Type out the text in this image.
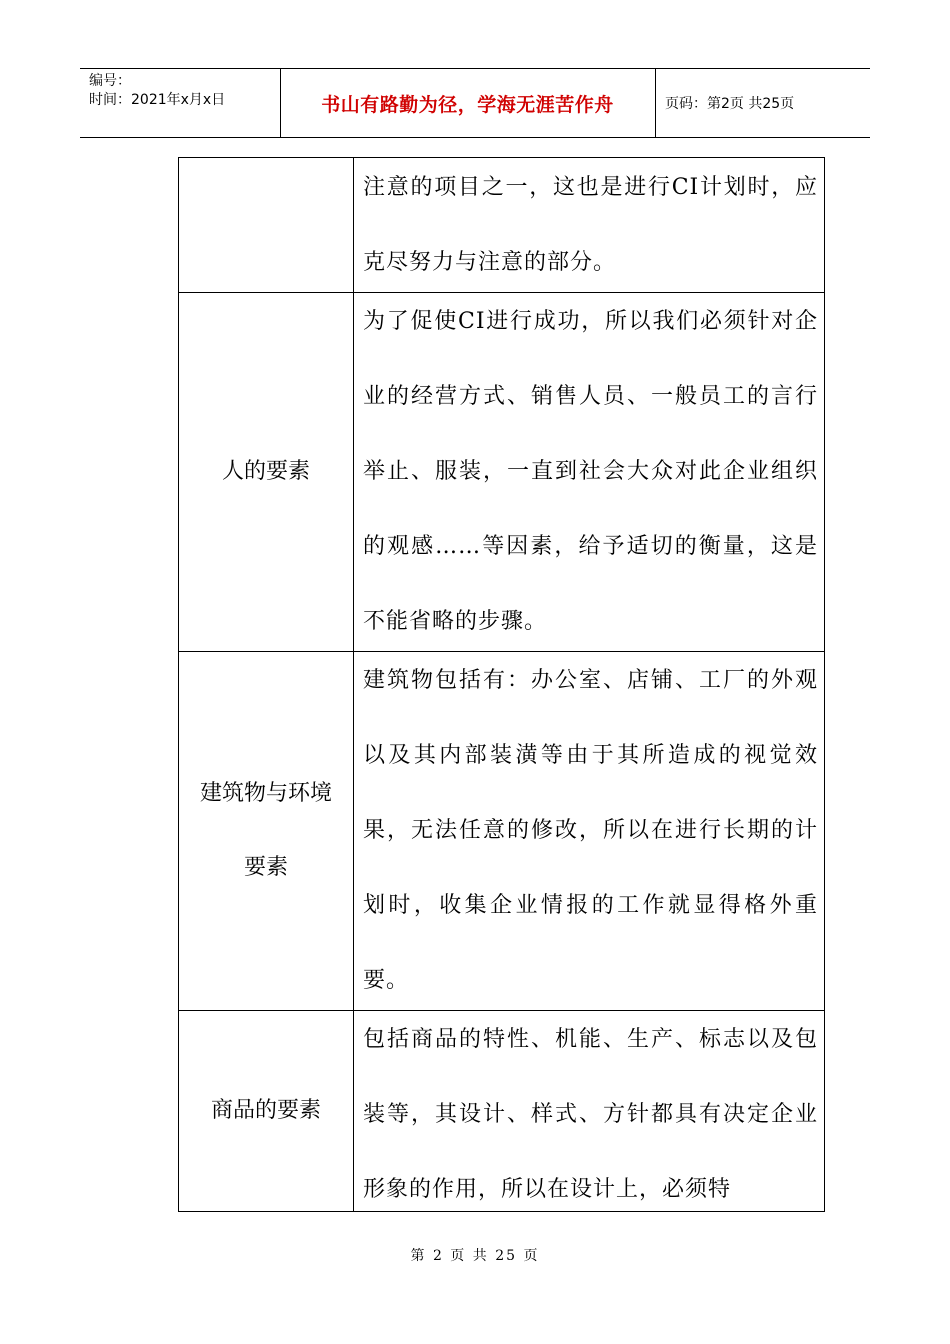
编号：
时间：2021年x月x日	书山有路勤为径，学海无涯苦作舟	页码：第2页 共25页
注意的项目之一，这也是进行CI计划时，应克尽努力与注意的部分。
人的要素
为了促使CI进行成功，所以我们必须针对企业的经营方式、销售人员、一般员工的言行举止、服装，一直到社会大众对此企业组织的观感……等因素，给予适切的衡量，这是不能省略的步骤。
建筑物与环境要素
建筑物包括有：办公室、店铺、工厂的外观以及其内部装潢等由于其所造成的视觉效果，无法任意的修改，所以在进行长期的计划时，收集企业情报的工作就显得格外重要。
商品的要素
包括商品的特性、机能、生产、标志以及包装等，其设计、样式、方针都具有决定企业形象的作用，所以在设计上，必须特
第 2 页 共 25 页
